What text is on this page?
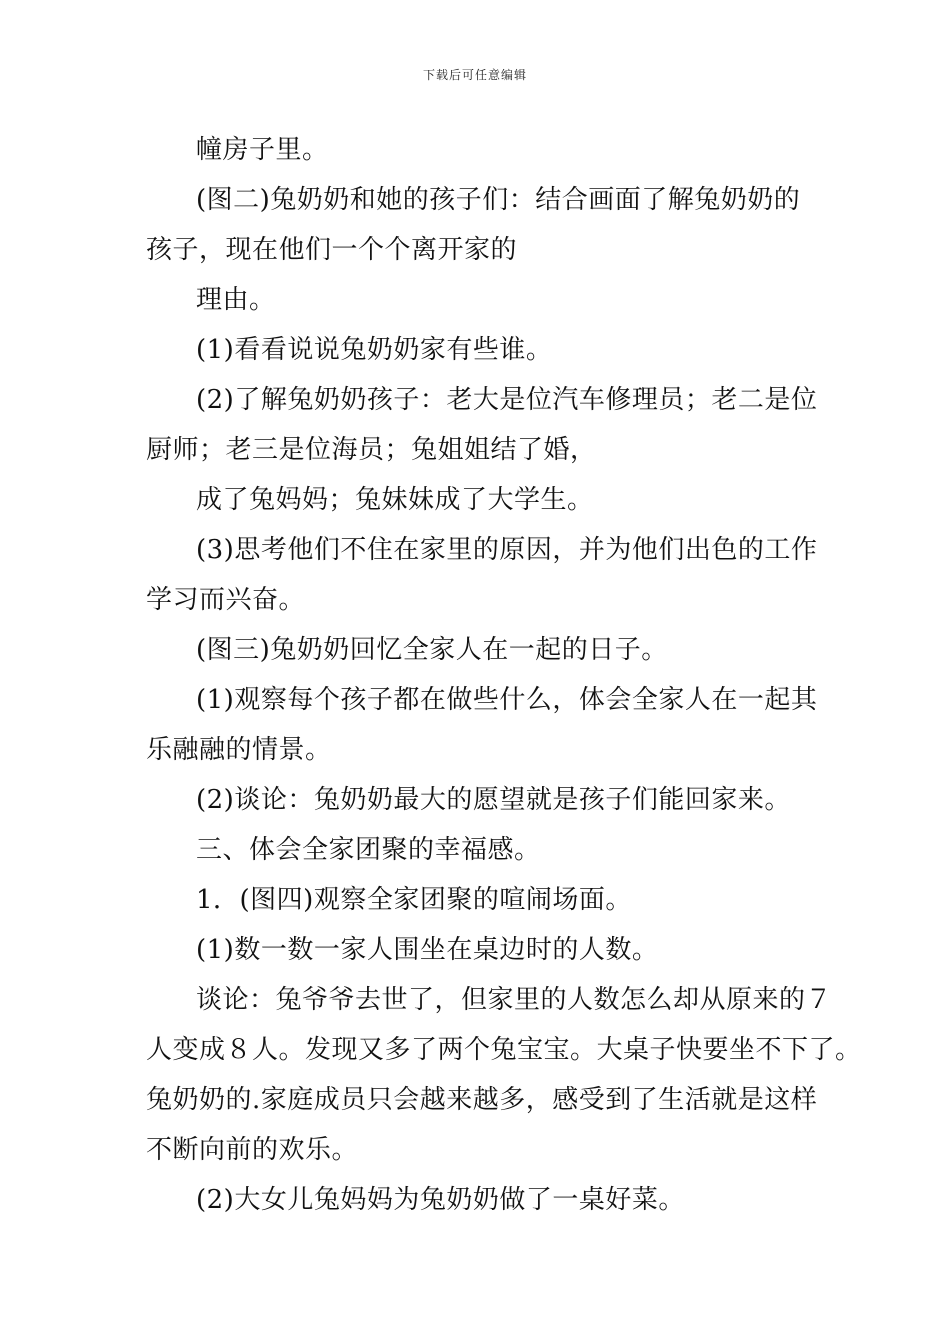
下载后可任意编辑
幢房子里。
(图二)兔奶奶和她的孩子们：结合画面了解兔奶奶的
孩子，现在他们一个个离开家的
理由。
(1)看看说说兔奶奶家有些谁。
(2)了解兔奶奶孩子：老大是位汽车修理员；老二是位
厨师；老三是位海员；兔姐姐结了婚，
成了兔妈妈；兔妹妹成了大学生。
(3)思考他们不住在家里的原因，并为他们出色的工作
学习而兴奋。
(图三)兔奶奶回忆全家人在一起的日子。
(1)观察每个孩子都在做些什么，体会全家人在一起其
乐融融的情景。
(2)谈论：兔奶奶最大的愿望就是孩子们能回家来。
三、体会全家团聚的幸福感。
1．(图四)观察全家团聚的喧闹场面。
(1)数一数一家人围坐在桌边时的人数。
谈论：兔爷爷去世了，但家里的人数怎么却从原来的７
人变成８人。发现又多了两个兔宝宝。大桌子快要坐不下了。
兔奶奶的.家庭成员只会越来越多，感受到了生活就是这样
不断向前的欢乐。
(2)大女儿兔妈妈为兔奶奶做了一桌好菜。
